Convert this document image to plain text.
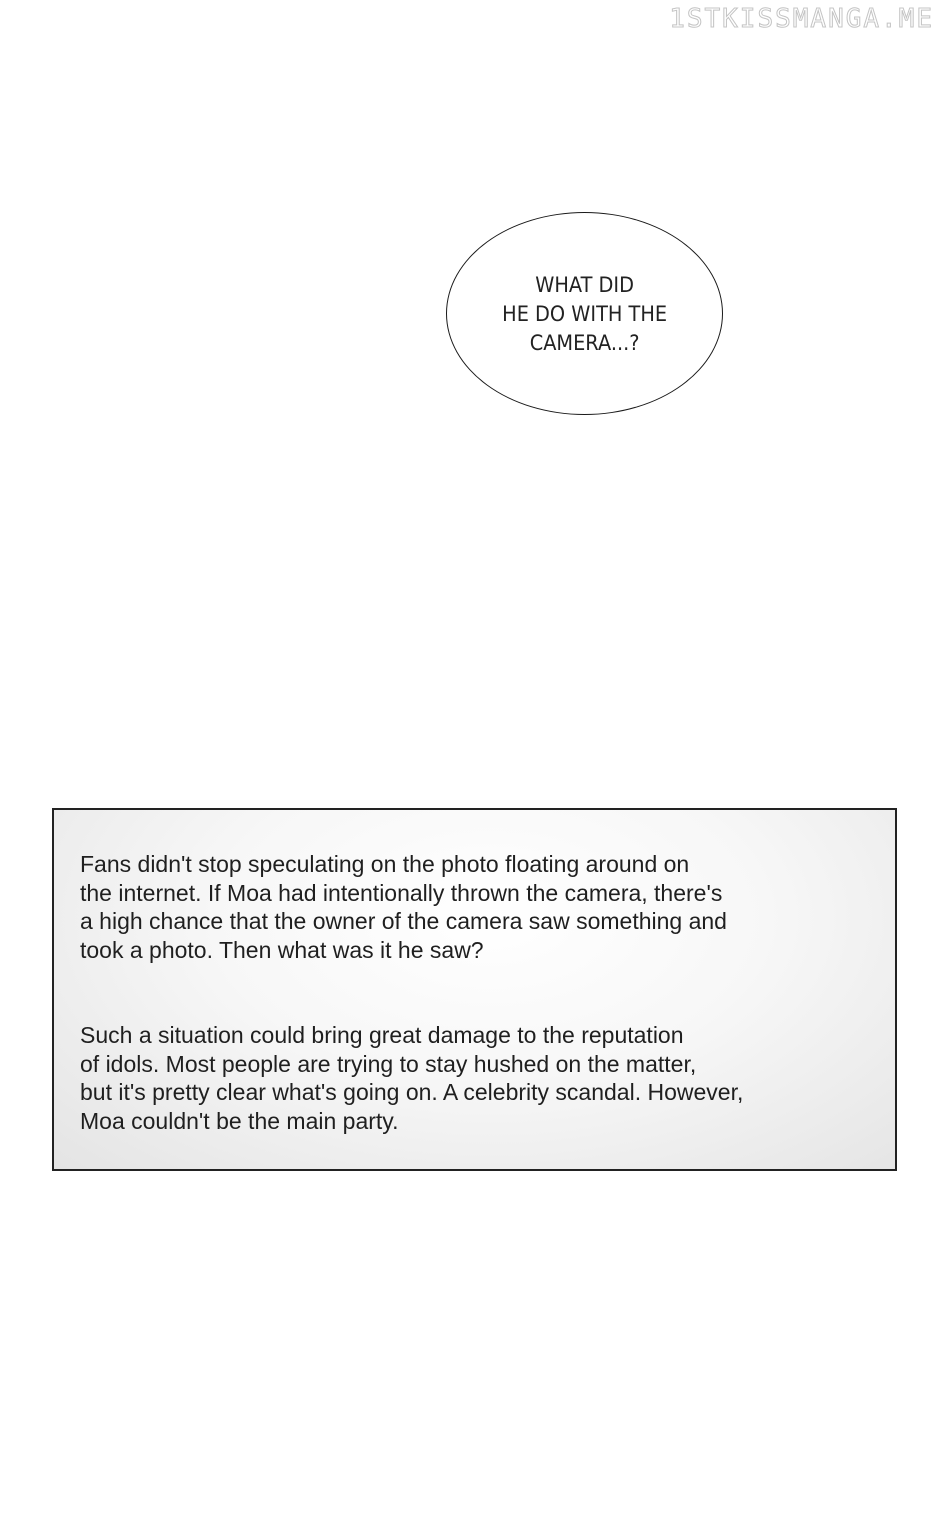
1STKISSMANGA.ME
WHAT DID
HE DO WITH THE
CAMERA...?

Fans didn't stop speculating on the photo floating around on
the internet. If Moa had intentionally thrown the camera, there's
a high chance that the owner of the camera saw something and
took a photo. Then what was it he saw?

Such a situation could bring great damage to the reputation
of idols. Most people are trying to stay hushed on the matter,
but it's pretty clear what's going on. A celebrity scandal. However,
Moa couldn't be the main party.
